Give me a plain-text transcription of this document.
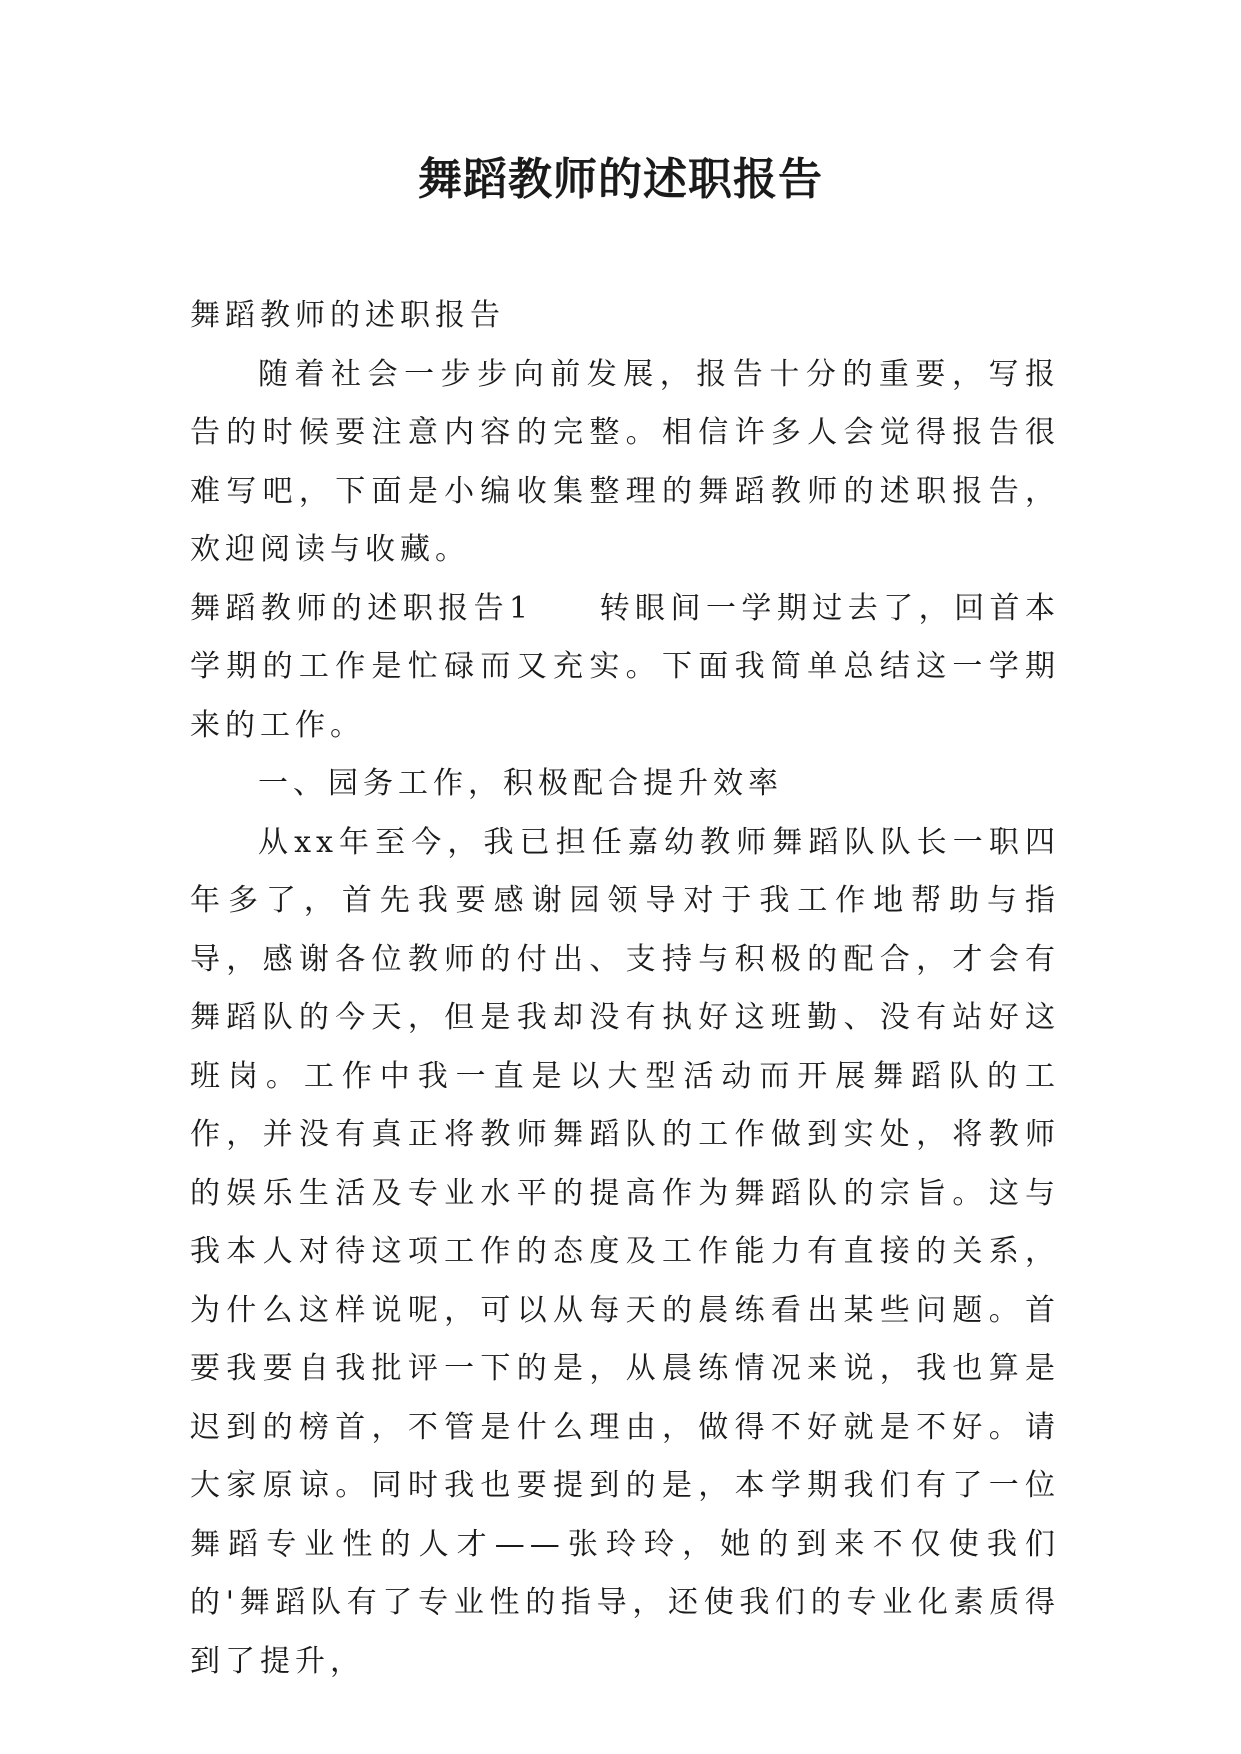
舞蹈教师的述职报告

舞蹈教师的述职报告

随着社会一步步向前发展，报告十分的重要，写报告的时候要注意内容的完整。相信许多人会觉得报告很难写吧，下面是小编收集整理的舞蹈教师的述职报告，欢迎阅读与收藏。

舞蹈教师的述职报告1 转眼间一学期过去了，回首本学期的工作是忙碌而又充实。下面我简单总结这一学期来的工作。

一、园务工作，积极配合提升效率

从xx年至今，我已担任嘉幼教师舞蹈队队长一职四年多了，首先我要感谢园领导对于我工作地帮助与指导，感谢各位教师的付出、支持与积极的配合，才会有舞蹈队的今天，但是我却没有执好这班勤、没有站好这班岗。工作中我一直是以大型活动而开展舞蹈队的工作，并没有真正将教师舞蹈队的工作做到实处，将教师的娱乐生活及专业水平的提高作为舞蹈队的宗旨。这与我本人对待这项工作的态度及工作能力有直接的关系，为什么这样说呢，可以从每天的晨练看出某些问题。首要我要自我批评一下的是，从晨练情况来说，我也算是迟到的榜首，不管是什么理由，做得不好就是不好。请大家原谅。同时我也要提到的是，本学期我们有了一位舞蹈专业性的人才——张玲玲，她的到来不仅使我们的'舞蹈队有了专业性的指导，还使我们的专业化素质得到了提升，
